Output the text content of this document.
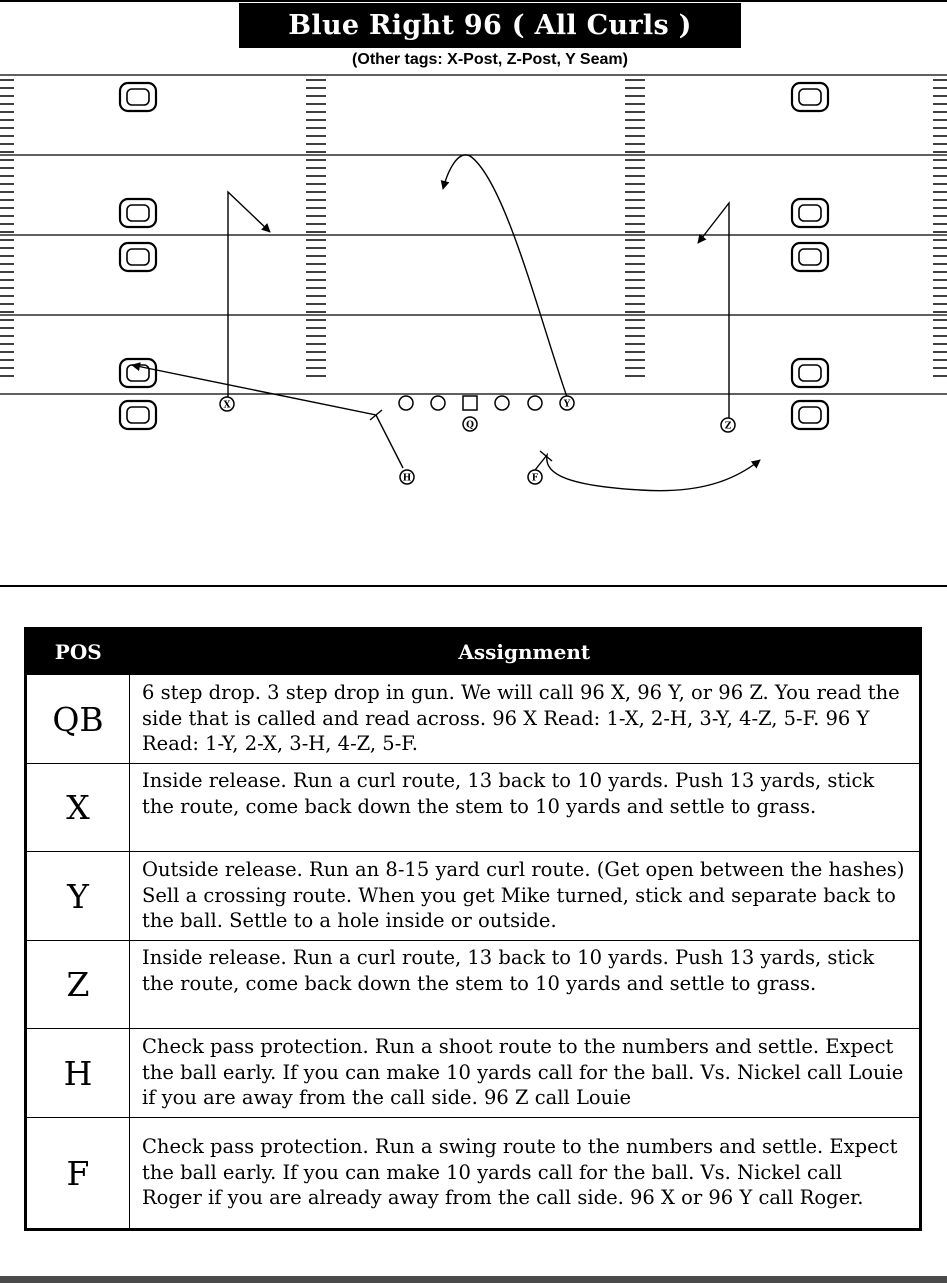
Blue Right 96 ( All Curls )
(Other tags: X-Post, Z-Post, Y Seam)
X	Y
Z
Q
H	F
POS	Assignment
QB	6 step drop. 3 step drop in gun. We will call 96 X, 96 Y, or 96 Z. You read the side that is called and read across. 96 X Read: 1-X, 2-H, 3-Y, 4-Z, 5-F. 96 Y Read: 1-Y, 2-X, 3-H, 4-Z, 5-F.
X	Inside release. Run a curl route, 13 back to 10 yards. Push 13 yards, stick the route, come back down the stem to 10 yards and settle to grass.
Y	Outside release. Run an 8-15 yard curl route. (Get open between the hashes) Sell a crossing route. When you get Mike turned, stick and separate back to the ball. Settle to a hole inside or outside.
Z	Inside release. Run a curl route, 13 back to 10 yards. Push 13 yards, stick the route, come back down the stem to 10 yards and settle to grass.
H	Check pass protection. Run a shoot route to the numbers and settle. Expect the ball early. If you can make 10 yards call for the ball. Vs. Nickel call Louie if you are away from the call side. 96 Z call Louie
F	Check pass protection. Run a swing route to the numbers and settle. Expect the ball early. If you can make 10 yards call for the ball. Vs. Nickel call Roger if you are already away from the call side. 96 X or 96 Y call Roger.
